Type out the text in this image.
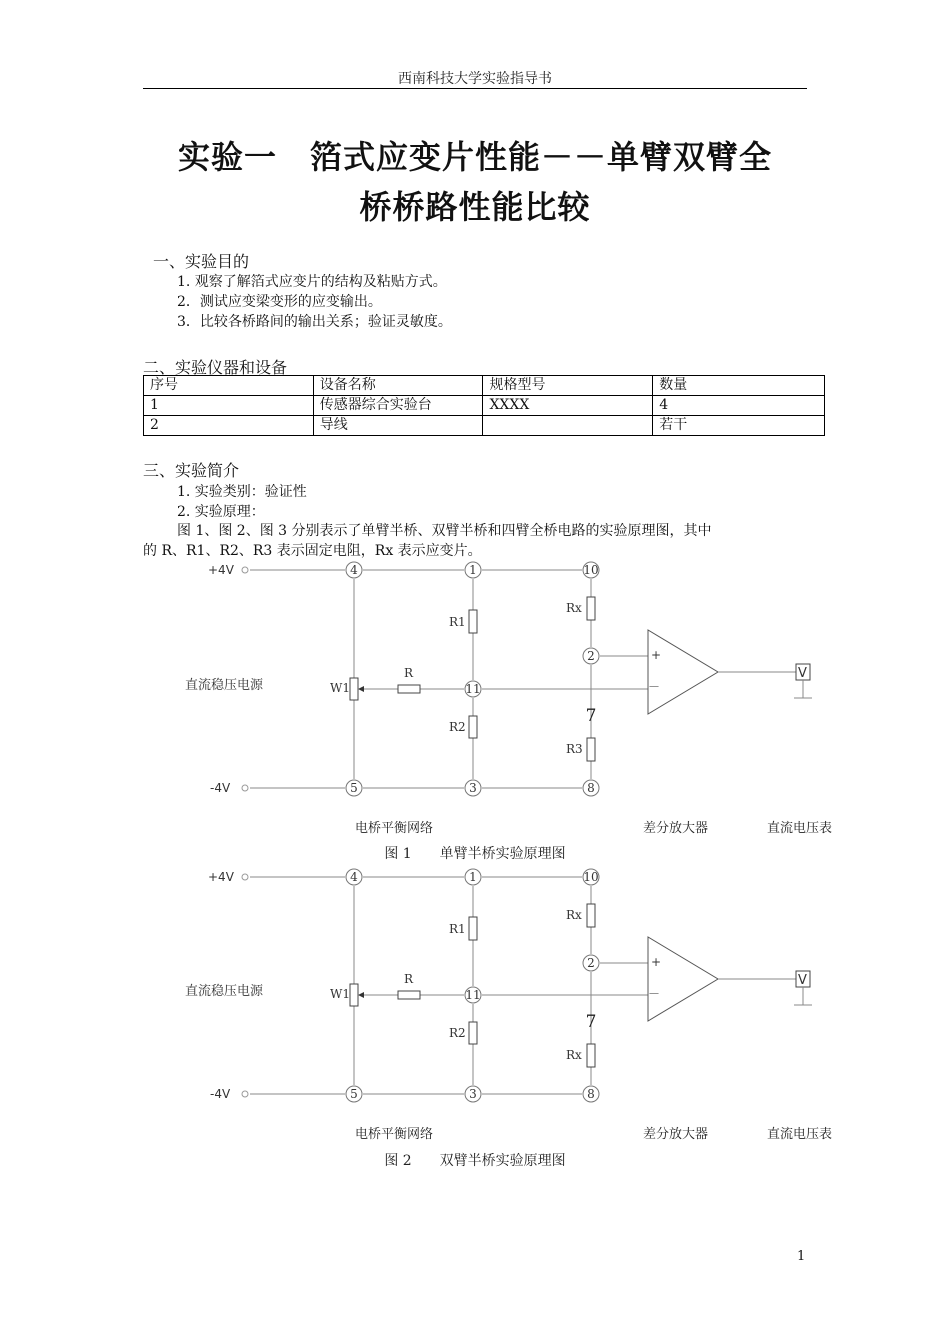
西南科技大学实验指导书
实验一　箔式应变片性能－－单臂双臂全
桥桥路性能比较
一、实验目的
1. 观察了解箔式应变片的结构及粘贴方式。
2．测试应变梁变形的应变输出。
3．比较各桥路间的输出关系；验证灵敏度。
二、实验仪器和设备
序号	设备名称	规格型号	数量
1	传感器综合实验台	XXXX	4
2	导线		若干
三、实验简介
1. 实验类别：验证性
2. 实验原理：
图 1、图 2、图 3 分别表示了单臂半桥、双臂半桥和四臂全桥电路的实验原理图，其中
的 R、R1、R2、R3 表示固定电阻，Rx 表示应变片。
4	1	10
2
11
5	3	8
7
+4V
-4V
直流稳压电源	W1
R
R1
R2
Rx
R3
+
－
V
电桥平衡网络	差分放大器	直流电压表
图 1　　单臂半桥实验原理图
4	1	10
2
11
5	3	8
7
+4V
-4V
直流稳压电源	W1
R
R1
R2
Rx
Rx
+
－
V
电桥平衡网络	差分放大器	直流电压表
图 2　　双臂半桥实验原理图
1
